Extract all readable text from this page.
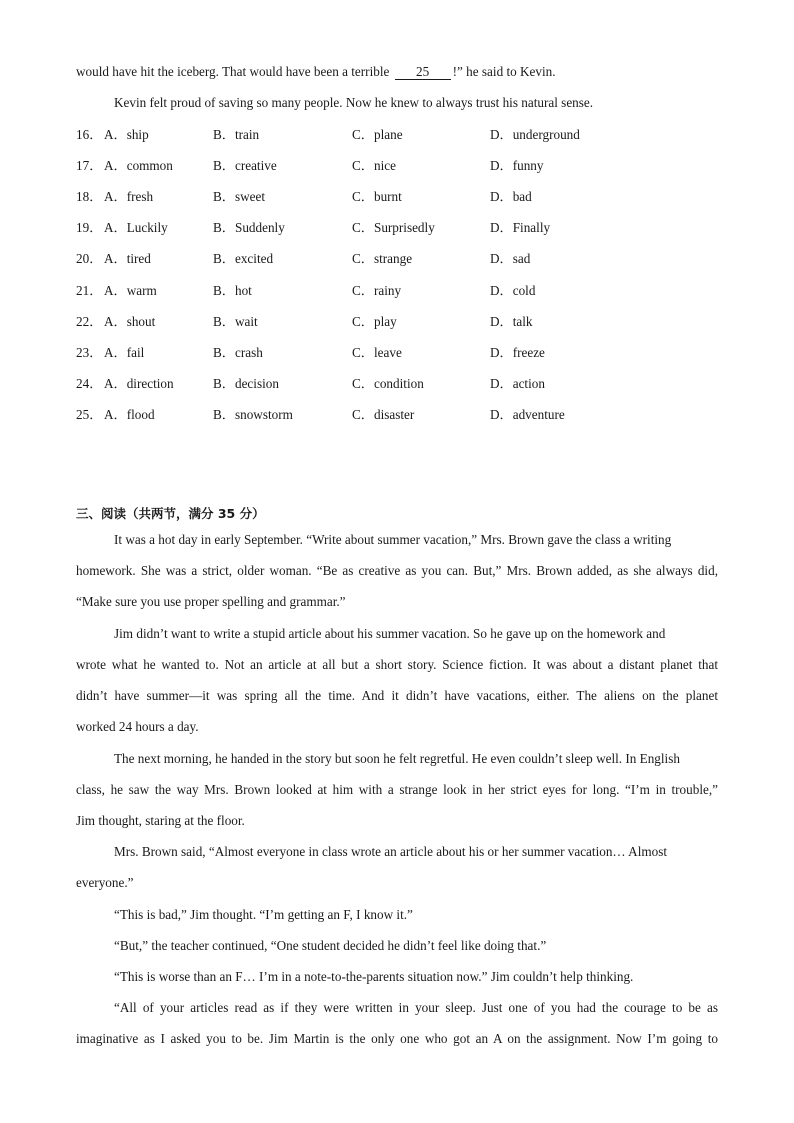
would have hit the iceberg. That would have been a terrible 25 !” he said to Kevin.
Kevin felt proud of saving so many people. Now he knew to always trust his natural sense.
16． A．ship	B．train	C．plane	D．underground
17． A．common	B．creative	C．nice	D．funny
18． A．fresh	B．sweet	C．burnt	D．bad
19． A．Luckily	B．Suddenly	C．Surprisedly	D．Finally
20． A．tired	B．excited	C．strange	D．sad
21． A．warm	B．hot	C．rainy	D．cold
22． A．shout	B．wait	C．play	D．talk
23． A．fail	B．crash	C．leave	D．freeze
24． A．direction	B．decision	C．condition	D．action
25． A．flood	B．snowstorm	C．disaster	D．adventure
三、阅读（共两节，满分 35 分）
It was a hot day in early September. “Write about summer vacation,” Mrs. Brown gave the class a writing
homework. She was a strict, older woman. “Be as creative as you can. But,” Mrs. Brown added, as she always did,
“Make sure you use proper spelling and grammar.”
Jim didn’t want to write a stupid article about his summer vacation. So he gave up on the homework and
wrote what he wanted to. Not an article at all but a short story. Science fiction. It was about a distant planet that
didn’t have summer—it was spring all the time. And it didn’t have vacations, either. The aliens on the planet
worked 24 hours a day.
The next morning, he handed in the story but soon he felt regretful. He even couldn’t sleep well. In English
class, he saw the way Mrs. Brown looked at him with a strange look in her strict eyes for long. “I’m in trouble,”
Jim thought, staring at the floor.
Mrs. Brown said, “Almost everyone in class wrote an article about his or her summer vacation… Almost
everyone.”
“This is bad,” Jim thought. “I’m getting an F, I know it.”
“But,” the teacher continued, “One student decided he didn’t feel like doing that.”
“This is worse than an F… I’m in a note-to-the-parents situation now.” Jim couldn’t help thinking.
“All of your articles read as if they were written in your sleep. Just one of you had the courage to be as
imaginative as I asked you to be. Jim Martin is the only one who got an A on the assignment. Now I’m going to
